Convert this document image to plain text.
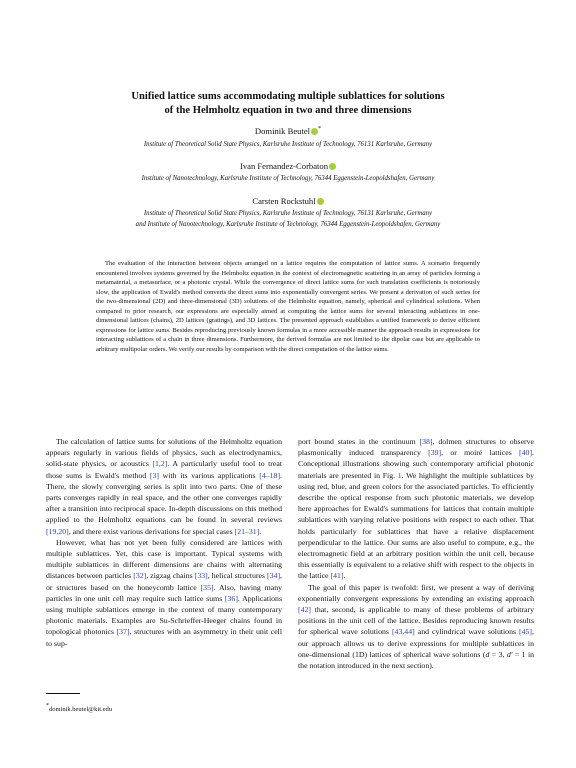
Unified lattice sums accommodating multiple sublattices for solutions
of the Helmholtz equation in two and three dimensions
Dominik Beutel *
Institute of Theoretical Solid State Physics, Karlsruhe Institute of Technology, 76131 Karlsruhe, Germany
Ivan Fernandez-Corbaton
Institute of Nanotechnology, Karlsruhe Institute of Technology, 76344 Eggenstein-Leopoldshafen, Germany
Carsten Rockstuhl
Institute of Theoretical Solid State Physics, Karlsruhe Institute of Technology, 76131 Karlsruhe, Germany
and Institute of Nanotechnology, Karlsruhe Institute of Technology, 76344 Eggenstein-Leopoldshafen, Germany

The evaluation of the interaction between objects arranged on a lattice requires the computation of lattice sums. A scenario frequently encountered involves systems governed by the Helmholtz equation in the context of electromagnetic scattering in an array of particles forming a metamaterial, a metasurface, or a photonic crystal. While the convergence of direct lattice sums for such translation coefficients is notoriously slow, the application of Ewald's method converts the direct sums into exponentially convergent series. We present a derivation of such series for the two-dimensional (2D) and three-dimensional (3D) solutions of the Helmholtz equation, namely, spherical and cylindrical solutions. When compared to prior research, our expressions are especially aimed at computing the lattice sums for several interacting sublattices in one-dimensional lattices (chains), 2D lattices (gratings), and 3D lattices. The presented approach establishes a unified framework to derive efficient expressions for lattice sums. Besides reproducing previously known formulas in a more accessible manner the approach results in expressions for interacting sublattices of a chain in three dimensions. Furthermore, the derived formulas are not limited to the dipolar case but are applicable to arbitrary multipolar orders. We verify our results by comparison with the direct computation of the lattice sums.

The calculation of lattice sums for solutions of the Helmholtz equation appears regularly in various fields of physics, such as electrodynamics, solid-state physics, or acoustics [1,2]. A particularly useful tool to treat those sums is Ewald's method [3] with its various applications [4–18]. There, the slowly converging series is split into two parts. One of these parts converges rapidly in real space, and the other one converges rapidly after a transition into reciprocal space. In-depth discussions on this method applied to the Helmholtz equations can be found in several reviews [19,20], and there exist various derivations for special cases [21–31].

However, what has not yet been fully considered are lattices with multiple sublattices. Yet, this case is important. Typical systems with multiple sublattices in different dimensions are chains with alternating distances between particles [32], zigzag chains [33], helical structures [34], or structures based on the honeycomb lattice [35]. Also, having many particles in one unit cell may require such lattice sums [36]. Applications using multiple sublattices emerge in the context of many contemporary photonic materials. Examples are Su-Schrieffer-Heeger chains found in topological photonics [37], structures with an asymmetry in their unit cell to sup-

port bound states in the continuum [38], dolmen structures to observe plasmonically induced transparency [39], or moiré lattices [40]. Conceptional illustrations showing such contemporary artificial photonic materials are presented in Fig. 1. We highlight the multiple sublattices by using red, blue, and green colors for the associated particles. To efficiently describe the optical response from such photonic materials, we develop here approaches for Ewald's summations for lattices that contain multiple sublattices with varying relative positions with respect to each other. That holds particularly for sublattices that have a relative displacement perpendicular to the lattice. Our sums are also useful to compute, e.g., the electromagnetic field at an arbitrary position within the unit cell, because this essentially is equivalent to a relative shift with respect to the objects in the lattice [41].

The goal of this paper is twofold: first, we present a way of deriving exponentially convergent expressions by extending an existing approach [42] that, second, is applicable to many of these problems of arbitrary positions in the unit cell of the lattice. Besides reproducing known results for spherical wave solutions [43,44] and cylindrical wave solutions [45], our approach allows us to derive expressions for multiple sublattices in one-dimensional (1D) lattices of spherical wave solutions (d = 3, d′ = 1 in the notation introduced in the next section).

*dominik.beutel@kit.edu
